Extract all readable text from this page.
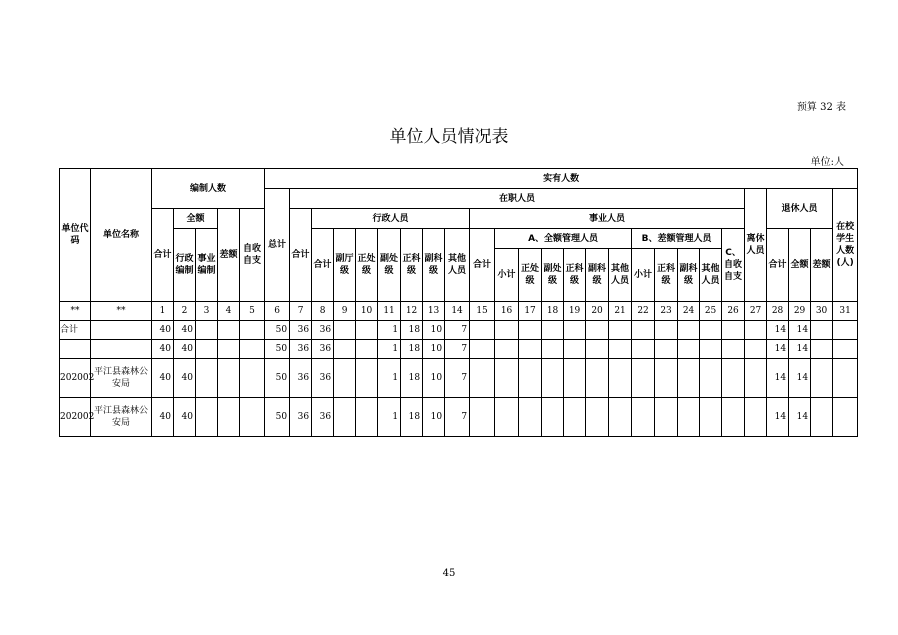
预算 32 表
单位人员情况表
单位:人
单位代码	单位名称	编制人数					实有人数																									
							总计	在职人员																				离休人员	退休人员			在校学生人数(人)
		合计	全额		差额	自收自支		合计	行政人员							事业人员																
			行政编制	事业编制					合计	副厅级	正处级	副处级	正科级	副科级	其他人员	合计	A、全额管理人员						B、差额管理人员				C、自收自支		合计	全额	差额	
																	小计	正处级	副处级	正科级	副科级	其他人员	小计	正科级	副科级	其他人员						

**	**	1	2	3	4	5	6	7	8	9	10	11	12	13	14	15	16	17	18	19	20	21	22	23	24	25	26	27	28	29	30	31
合计		40	40				50	36	36			1	18	10	7														14	14		
		40	40				50	36	36			1	18	10	7														14	14		
202002	平江县森林公安局	40	40				50	36	36			1	18	10	7														14	14		
202002	平江县森林公安局	40	40				50	36	36			1	18	10	7														14	14		
45
